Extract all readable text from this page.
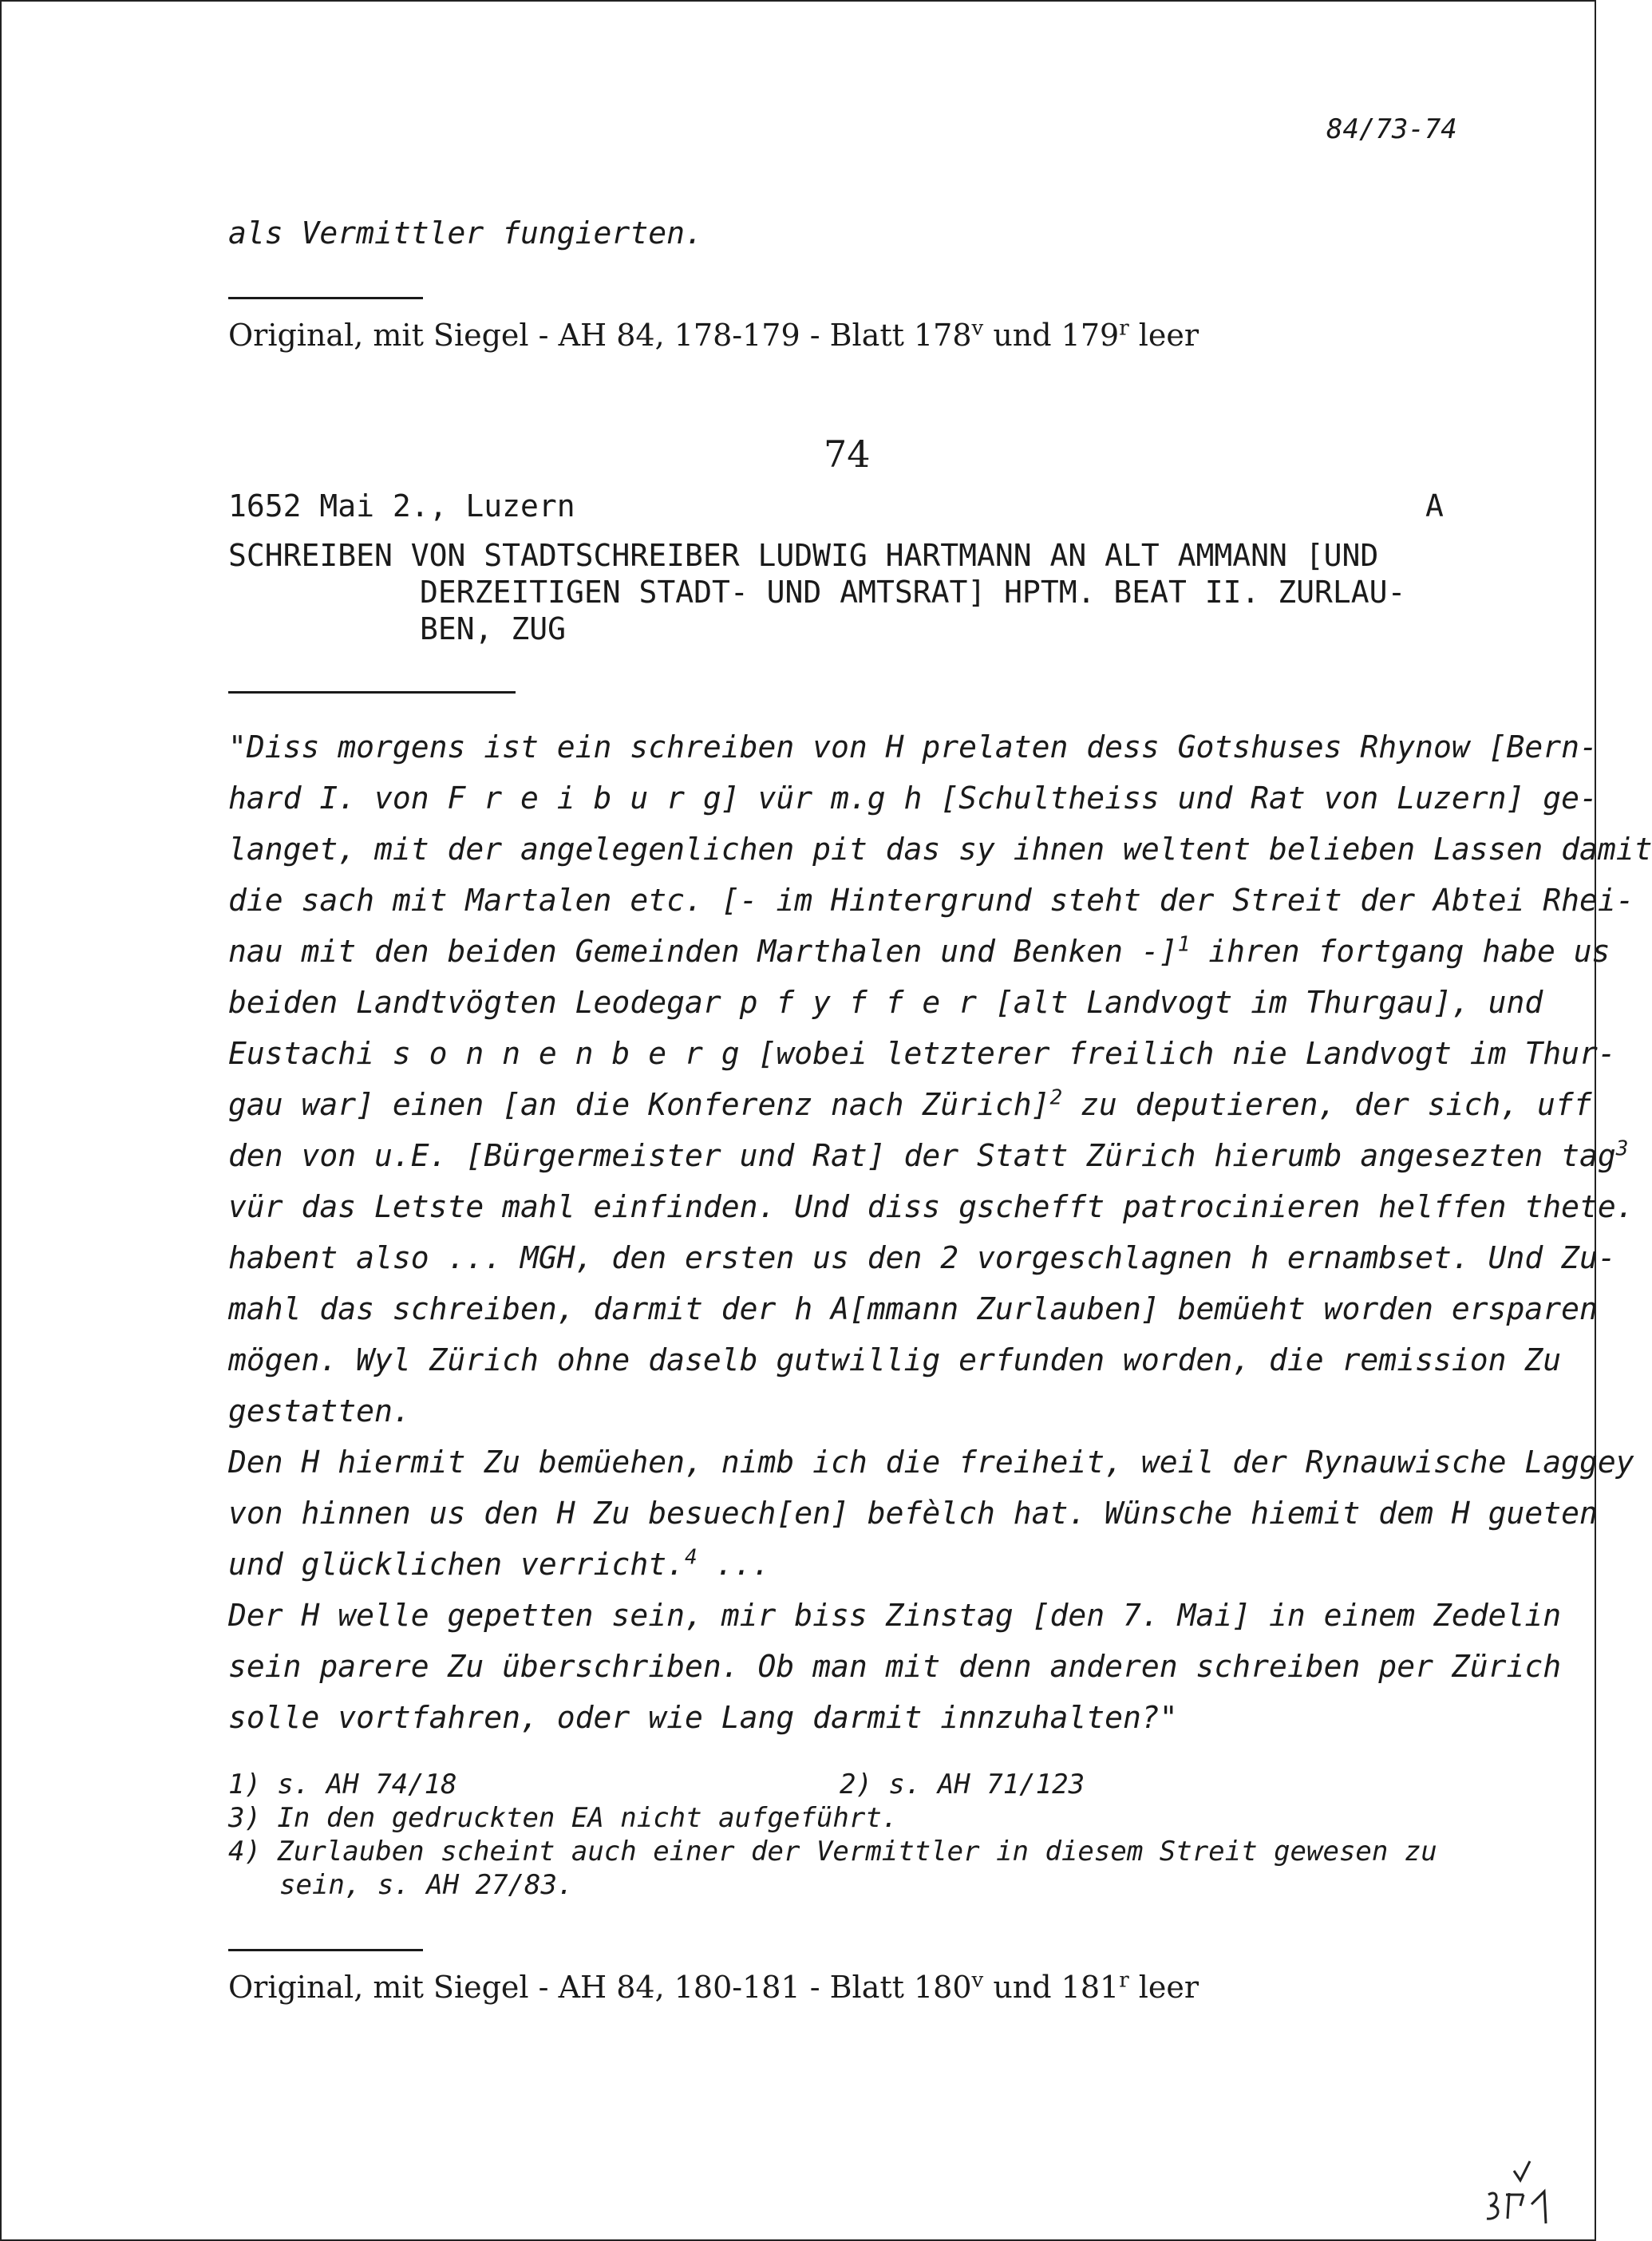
84/73-74
als Vermittler fungierten.
Original, mit Siegel - AH 84, 178-179 - Blatt 178$^v$ und 179$^r$ leer
74
1652 Mai 2., Luzern	A
SCHREIBEN VON STADTSCHREIBER LUDWIG HARTMANN AN ALT AMMANN [UND
DERZEITIGEN STADT- UND AMTSRAT] HPTM. BEAT II. ZURLAU-
BEN, ZUG
"Diss morgens ist ein schreiben von H prelaten dess Gotshuses Rhynow [Bern-
hard I. von F r e i b u r g] vür m.g h [Schultheiss und Rat von Luzern] ge-
langet, mit der angelegenlichen pit das sy ihnen weltent belieben Lassen damit
die sach mit Martalen etc. [- im Hintergrund steht der Streit der Abtei Rhei-
nau mit den beiden Gemeinden Marthalen und Benken -]$^1$ ihren fortgang habe us
beiden Landtvögten Leodegar p f y f f e r [alt Landvogt im Thurgau], und
Eustachi s o n n e n b e r g [wobei letzterer freilich nie Landvogt im Thur-
gau war] einen [an die Konferenz nach Zürich]$^2$ zu deputieren, der sich, uff
den von u.E. [Bürgermeister und Rat] der Statt Zürich hierumb angesezten tag$^3$
vür das Letste mahl einfinden. Und diss gschefft patrocinieren helffen thete.
habent also ... MGH, den ersten us den 2 vorgeschlagnen h ernambset. Und Zu-
mahl das schreiben, darmit der h A[mmann Zurlauben] bemüeht worden ersparen
mögen. Wyl Zürich ohne daselb gutwillig erfunden worden, die remission Zu
gestatten.
Den H hiermit Zu bemüehen, nimb ich die freiheit, weil der Rynauwische Laggey
von hinnen us den H Zu besuech[en] befèlch hat. Wünsche hiemit dem H gueten
und glücklichen verricht.$^4$ ...
Der H welle gepetten sein, mir biss Zinstag [den 7. Mai] in einem Zedelin
sein parere Zu überschriben. Ob man mit denn anderen schreiben per Zürich
solle vortfahren, oder wie Lang darmit innzuhalten?"
1) s. AH 74/18	2) s. AH 71/123
3) In den gedruckten EA nicht aufgeführt.
4) Zurlauben scheint auch einer der Vermittler in diesem Streit gewesen zu
sein, s. AH 27/83.
Original, mit Siegel - AH 84, 180-181 - Blatt 180$^v$ und 181$^r$ leer
